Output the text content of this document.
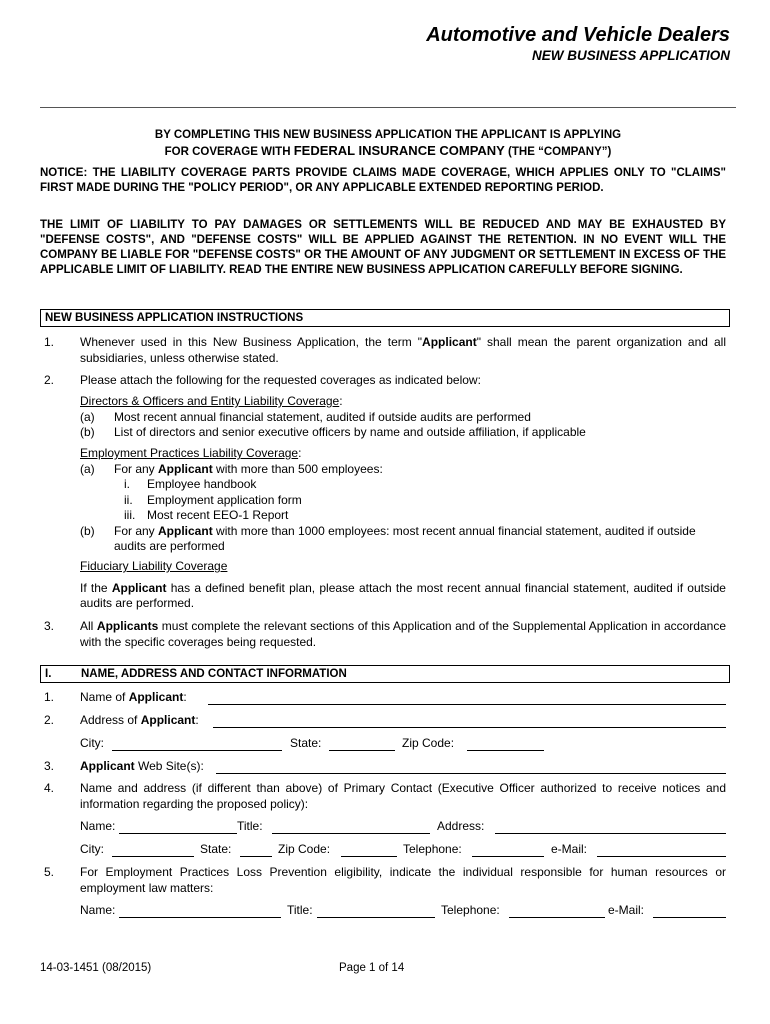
Automotive and Vehicle Dealers
NEW BUSINESS APPLICATION
BY COMPLETING THIS NEW BUSINESS APPLICATION THE APPLICANT IS APPLYING
FOR COVERAGE WITH FEDERAL INSURANCE COMPANY (THE “COMPANY”)
NOTICE: THE LIABILITY COVERAGE PARTS PROVIDE CLAIMS MADE COVERAGE, WHICH APPLIES ONLY TO "CLAIMS" FIRST MADE DURING THE "POLICY PERIOD", OR ANY APPLICABLE EXTENDED REPORTING PERIOD.
THE LIMIT OF LIABILITY TO PAY DAMAGES OR SETTLEMENTS WILL BE REDUCED AND MAY BE EXHAUSTED BY "DEFENSE COSTS", AND "DEFENSE COSTS" WILL BE APPLIED AGAINST THE RETENTION. IN NO EVENT WILL THE COMPANY BE LIABLE FOR "DEFENSE COSTS" OR THE AMOUNT OF ANY JUDGMENT OR SETTLEMENT IN EXCESS OF THE APPLICABLE LIMIT OF LIABILITY. READ THE ENTIRE NEW BUSINESS APPLICATION CAREFULLY BEFORE SIGNING.
NEW BUSINESS APPLICATION INSTRUCTIONS
1. Whenever used in this New Business Application, the term "Applicant" shall mean the parent organization and all subsidiaries, unless otherwise stated.
2. Please attach the following for the requested coverages as indicated below:
Directors & Officers and Entity Liability Coverage:
(a) Most recent annual financial statement, audited if outside audits are performed
(b) List of directors and senior executive officers by name and outside affiliation, if applicable
Employment Practices Liability Coverage:
(a) For any Applicant with more than 500 employees:
i. Employee handbook
ii. Employment application form
iii. Most recent EEO-1 Report
(b) For any Applicant with more than 1000 employees: most recent annual financial statement, audited if outside audits are performed
Fiduciary Liability Coverage
If the Applicant has a defined benefit plan, please attach the most recent annual financial statement, audited if outside audits are performed.
3. All Applicants must complete the relevant sections of this Application and of the Supplemental Application in accordance with the specific coverages being requested.
I.	NAME, ADDRESS AND CONTACT INFORMATION
1. Name of Applicant:
2. Address of Applicant:
City:	State:	Zip Code:
3. Applicant Web Site(s):
4. Name and address (if different than above) of Primary Contact (Executive Officer authorized to receive notices and information regarding the proposed policy):
Name:	Title:	Address:
City:	State:	Zip Code:	Telephone:	e-Mail:
5. For Employment Practices Loss Prevention eligibility, indicate the individual responsible for human resources or employment law matters:
Name:	Title:	Telephone:	e-Mail:
14-03-1451 (08/2015)	Page 1 of 14
